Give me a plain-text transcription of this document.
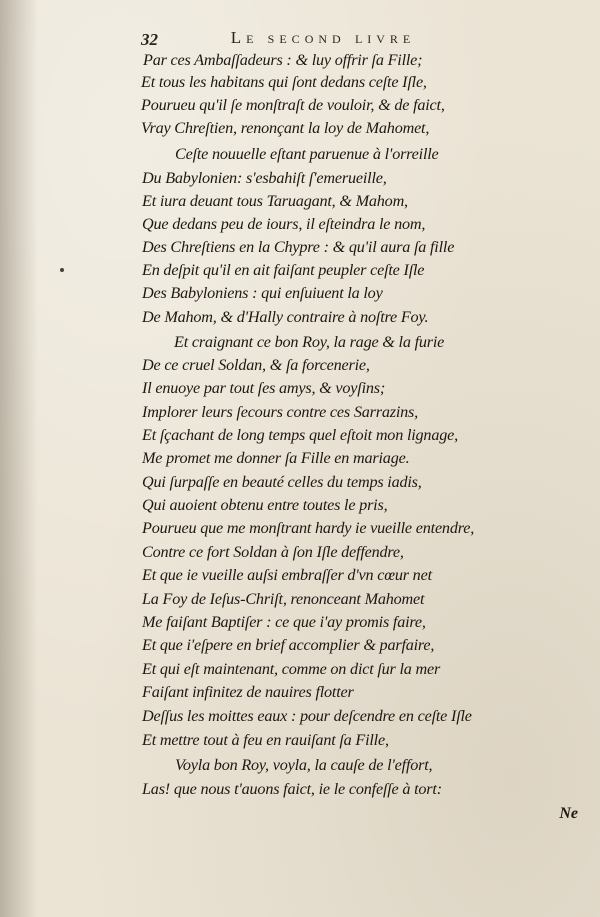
32	Le second livre
Par ces Ambaſſadeurs : & luy offrir ſa Fille;
Et tous les habitans qui ſont dedans ceſte Iſle,
Pourueu qu'il ſe monſtraſt de vouloir, & de faict,
Vray Chreſtien, renonçant la loy de Mahomet,
Ceſte nouuelle eſtant paruenue à l'orreille
Du Babylonien: s'esbahiſt ſ'emerueille,
Et iura deuant tous Taruagant, & Mahom,
Que dedans peu de iours, il eſteindra le nom,
Des Chreſtiens en la Chypre : & qu'il aura ſa fille
En deſpit qu'il en ait faiſant peupler ceſte Iſle
Des Babyloniens : qui enſuiuent la loy
De Mahom, & d'Hally contraire à noſtre Foy.
Et craignant ce bon Roy, la rage & la furie
De ce cruel Soldan, & ſa forcenerie,
Il enuoye par tout ſes amys, & voyſins;
Implorer leurs ſecours contre ces Sarrazins,
Et ſçachant de long temps quel eſtoit mon lignage,
Me promet me donner ſa Fille en mariage.
Qui ſurpaſſe en beauté celles du temps iadis,
Qui auoient obtenu entre toutes le pris,
Pourueu que me monſtrant hardy ie vueille entendre,
Contre ce fort Soldan à ſon Iſle deffendre,
Et que ie vueille auſsi embraſſer d'vn cœur net
La Foy de Ieſus-Chriſt, renonceant Mahomet
Me faiſant Baptiſer : ce que i'ay promis faire,
Et que i'eſpere en brief accomplier & parfaire,
Et qui eſt maintenant, comme on dict ſur la mer
Faiſant infinitez de nauires flotter
Deſſus les moittes eaux : pour deſcendre en ceſte Iſle
Et mettre tout à feu en rauiſant ſa Fille,
Voyla bon Roy, voyla, la cauſe de l'effort,
Las! que nous t'auons faict, ie le confeſſe à tort:
Ne
